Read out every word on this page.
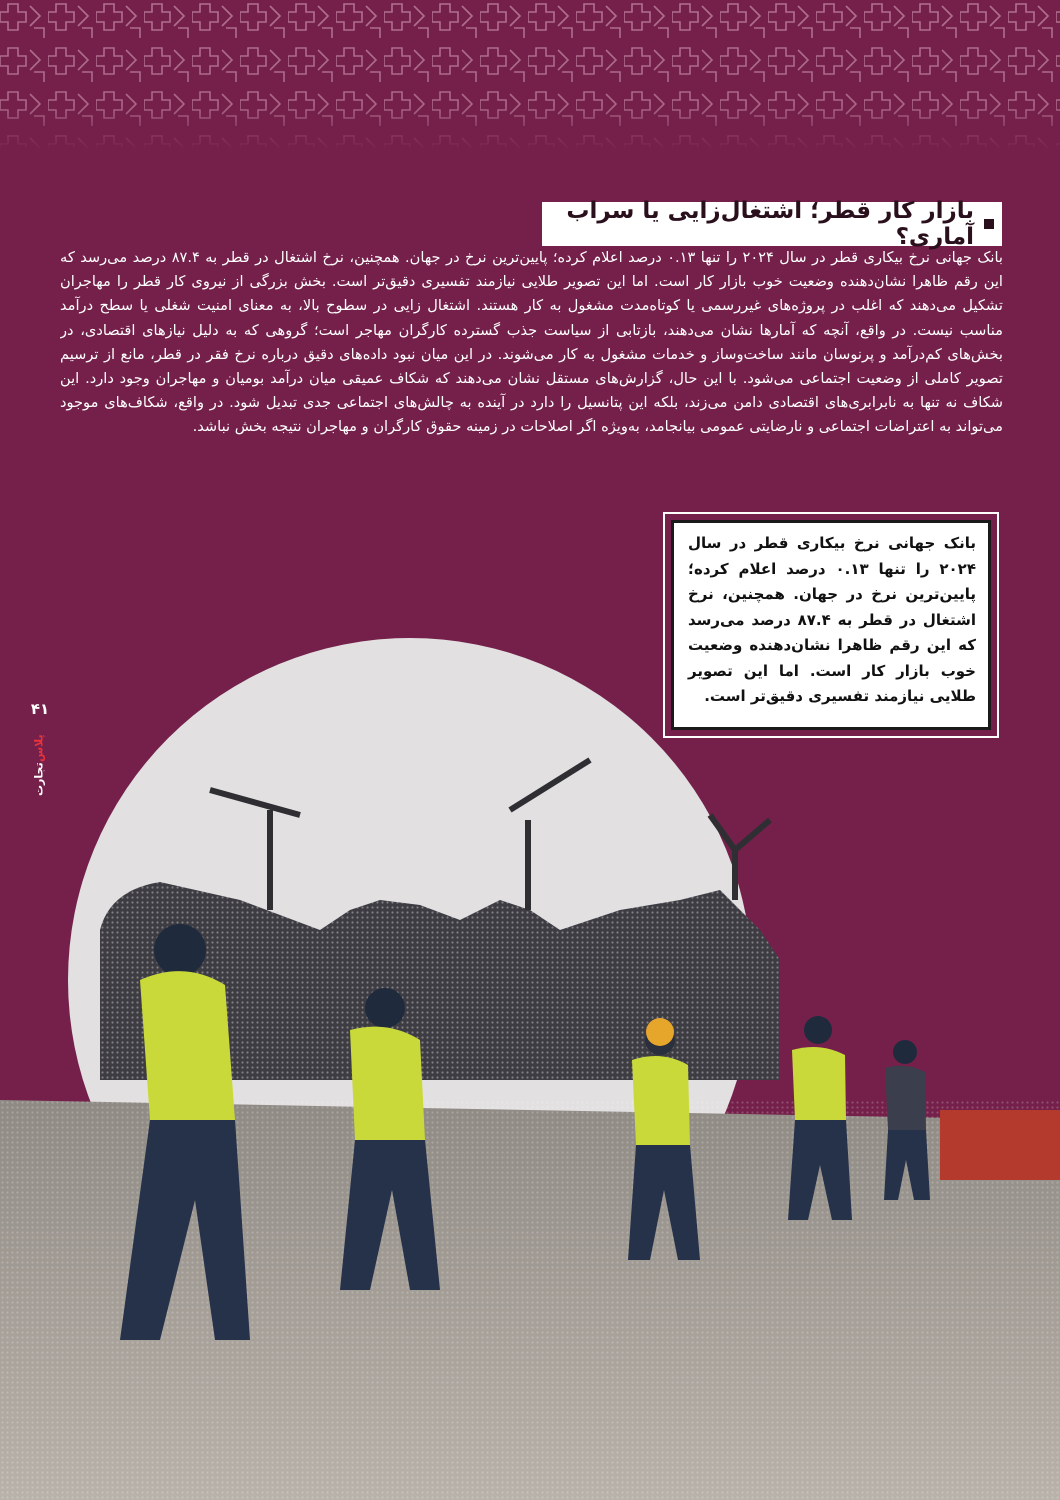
بازار کار قطر؛ اشتغال‌زایی یا سراب آماری؟
بانک جهانی نرخ بیکاری قطر در سال ۲۰۲۴ را تنها ۰.۱۳ درصد اعلام کرده؛ پایین‌ترین نرخ در جهان. همچنین، نرخ اشتغال در قطر به ۸۷.۴ درصد می‌رسد که این رقم ظاهرا نشان‌دهنده وضعیت خوب بازار کار است. اما این تصویر طلایی نیازمند تفسیری دقیق‌تر است. بخش بزرگی از نیروی کار قطر را مهاجران تشکیل می‌دهند که اغلب در پروژه‌های غیررسمی یا کوتاه‌مدت مشغول به کار هستند. اشتغال زایی در سطوح بالا، به معنای امنیت شغلی یا سطح درآمد مناسب نیست. در واقع، آنچه که آمارها نشان می‌دهند، بازتابی از سیاست جذب گسترده کارگران مهاجر است؛ گروهی که به دلیل نیازهای اقتصادی، در بخش‌های کم‌درآمد و پرنوسان مانند ساخت‌وساز و خدمات مشغول به کار می‌شوند. در این میان نبود داده‌های دقیق درباره نرخ فقر در قطر، مانع از ترسیم تصویر کاملی از وضعیت اجتماعی می‌شود. با این حال، گزارش‌های مستقل نشان می‌دهند که شکاف عمیقی میان درآمد بومیان و مهاجران وجود دارد. این شکاف نه تنها به نابرابری‌های اقتصادی دامن می‌زند، بلکه این پتانسیل را دارد در آینده به چالش‌های اجتماعی جدی تبدیل شود. در واقع، شکاف‌های موجود می‌تواند به اعتراضات اجتماعی و نارضایتی عمومی بیانجامد، به‌ویژه اگر اصلاحات در زمینه حقوق کارگران و مهاجران نتیجه بخش نباشد.
بانک جهانی نرخ بیکاری قطر در سال ۲۰۲۴ را تنها ۰.۱۳ درصد اعلام کرده؛ پایین‌ترین نرخ در جهان. همچنین، نرخ اشتغال در قطر به ۸۷.۴ درصد می‌رسد که این رقم ظاهرا نشان‌دهنده وضعیت خوب بازار کار است. اما این تصویر طلایی نیازمند تفسیری دقیق‌تر است.
۴۱
تجارت
پلاس
